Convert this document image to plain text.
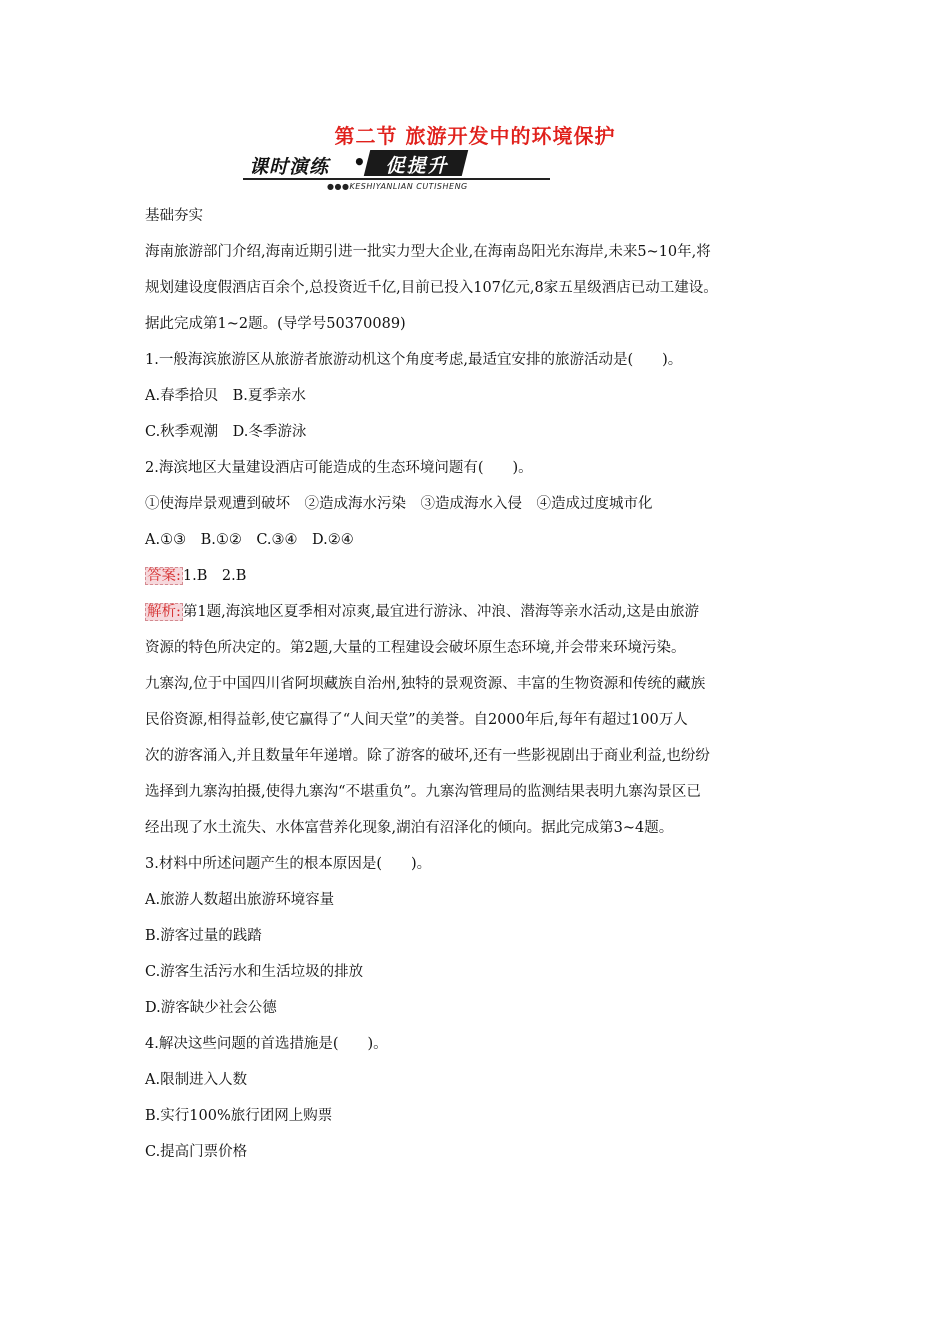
第二节 旅游开发中的环境保护
课时演练 •	促提升
●●●KESHIYANLIAN CUTISHENG
基础夯实
海南旅游部门介绍,海南近期引进一批实力型大企业,在海南岛阳光东海岸,未来5~10年,将
规划建设度假酒店百余个,总投资近千亿,目前已投入107亿元,8家五星级酒店已动工建设。
据此完成第1~2题。(导学号50370089)
1.一般海滨旅游区从旅游者旅游动机这个角度考虑,最适宜安排的旅游活动是(　　)。
A.春季拾贝　B.夏季亲水
C.秋季观潮　D.冬季游泳
2.海滨地区大量建设酒店可能造成的生态环境问题有(　　)。
①使海岸景观遭到破坏　②造成海水污染　③造成海水入侵　④造成过度城市化
A.①③　B.①②　C.③④　D.②④
答案: 1.B　2.B
解析: 第1题,海滨地区夏季相对凉爽,最宜进行游泳、冲浪、潜海等亲水活动,这是由旅游
资源的特色所决定的。第2题,大量的工程建设会破坏原生态环境,并会带来环境污染。
九寨沟,位于中国四川省阿坝藏族自治州,独特的景观资源、丰富的生物资源和传统的藏族
民俗资源,相得益彰,使它赢得了“人间天堂”的美誉。自2000年后,每年有超过100万人
次的游客涌入,并且数量年年递增。除了游客的破坏,还有一些影视剧出于商业利益,也纷纷
选择到九寨沟拍摄,使得九寨沟“不堪重负”。九寨沟管理局的监测结果表明九寨沟景区已
经出现了水土流失、水体富营养化现象,湖泊有沼泽化的倾向。据此完成第3~4题。
3.材料中所述问题产生的根本原因是(　　)。
A.旅游人数超出旅游环境容量
B.游客过量的践踏
C.游客生活污水和生活垃圾的排放
D.游客缺少社会公德
4.解决这些问题的首选措施是(　　)。
A.限制进入人数
B.实行100%旅行团网上购票
C.提高门票价格
